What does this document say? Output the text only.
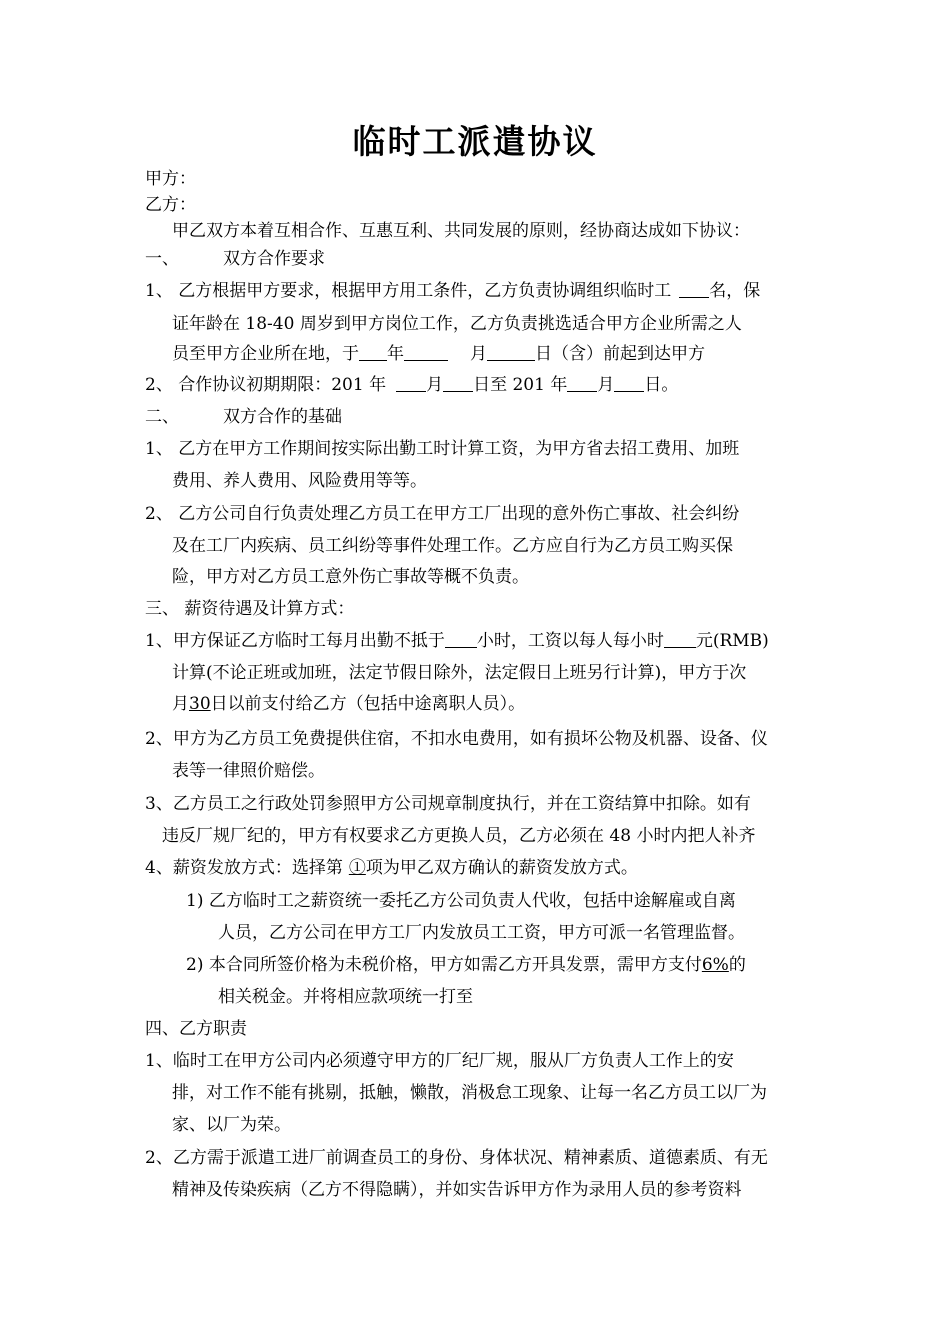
临时工派遣协议
甲方：
乙方：
甲乙双方本着互相合作、互惠互利、共同发展的原则，经协商达成如下协议：
一、	双方合作要求
1、 乙方根据甲方要求，根据甲方用工条件，乙方负责协调组织临时工 名，保
证年龄在 18-40 周岁到甲方岗位工作，乙方负责挑选适合甲方企业所需之人
员至甲方企业所在地，于 年	月	日（含）前起到达甲方
2、 合作协议初期期限：201 年 月 日至 201 年 月 日。
二、	双方合作的基础
1、 乙方在甲方工作期间按实际出勤工时计算工资，为甲方省去招工费用、加班
费用、养人费用、风险费用等等。
2、 乙方公司自行负责处理乙方员工在甲方工厂出现的意外伤亡事故、社会纠纷
及在工厂内疾病、员工纠纷等事件处理工作。乙方应自行为乙方员工购买保
险，甲方对乙方员工意外伤亡事故等概不负责。
三、 薪资待遇及计算方式：
1、甲方保证乙方临时工每月出勤不抵于 小时，工资以每人每小时 元(RMB)
计算(不论正班或加班，法定节假日除外，法定假日上班另行计算)，甲方于次
月30日以前支付给乙方（包括中途离职人员）。
2、甲方为乙方员工免费提供住宿，不扣水电费用，如有损坏公物及机器、设备、仪
表等一律照价赔偿。
3、乙方员工之行政处罚参照甲方公司规章制度执行，并在工资结算中扣除。如有
违反厂规厂纪的，甲方有权要求乙方更换人员，乙方必须在 48 小时内把人补齐
4、薪资发放方式：选择第 ①项为甲乙双方确认的薪资发放方式。
1) 乙方临时工之薪资统一委托乙方公司负责人代收，包括中途解雇或自离
人员，乙方公司在甲方工厂内发放员工工资，甲方可派一名管理监督。
2) 本合同所签价格为未税价格，甲方如需乙方开具发票，需甲方支付6%的
相关税金。并将相应款项统一打至
四、乙方职责
1、临时工在甲方公司内必须遵守甲方的厂纪厂规，服从厂方负责人工作上的安
排，对工作不能有挑剔，抵触，懒散，消极怠工现象、让每一名乙方员工以厂为
家、以厂为荣。
2、乙方需于派遣工进厂前调查员工的身份、身体状况、精神素质、道德素质、有无
精神及传染疾病（乙方不得隐瞒），并如实告诉甲方作为录用人员的参考资料
